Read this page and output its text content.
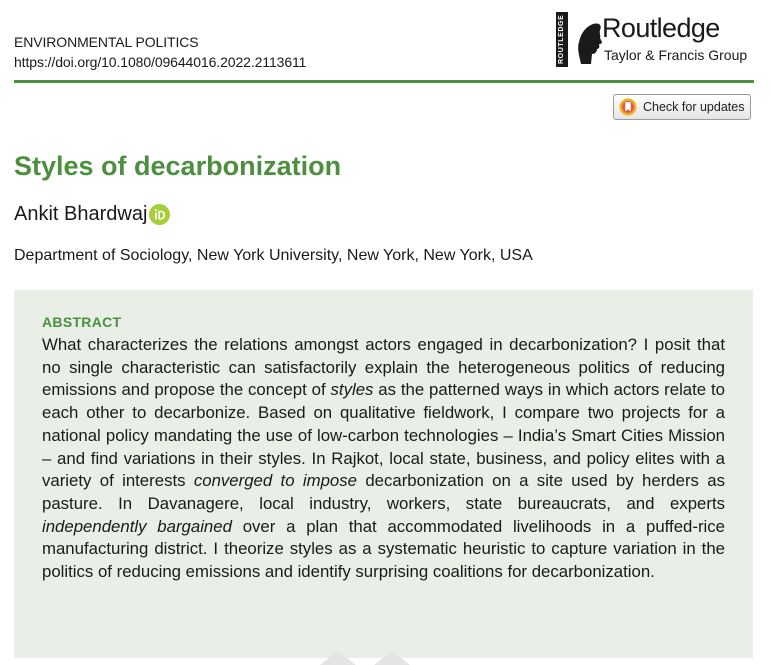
ENVIRONMENTAL POLITICS
https://doi.org/10.1080/09644016.2022.2113611	ROUTLEDGE Routledge
Taylor & Francis Group
Check for updates
Styles of decarbonization
Ankit Bhardwaj
Department of Sociology, New York University, New York, New York, USA
ABSTRACT

What characterizes the relations amongst actors engaged in decarbonization? I posit that no single characteristic can satisfactorily explain the heterogeneous politics of reducing emissions and propose the concept of styles as the patterned ways in which actors relate to each other to decarbonize. Based on qualitative fieldwork, I compare two projects for a national policy mandating the use of low-carbon technologies – India’s Smart Cities Mission – and find variations in their styles. In Rajkot, local state, business, and policy elites with a variety of interests converged to impose decarbonization on a site used by herders as pasture. In Davanagere, local industry, workers, state bureaucrats, and experts independently bargained over a plan that accommodated livelihoods in a puffed-rice manufacturing district. I theorize styles as a systematic heuristic to capture variation in the politics of reducing emissions and identify surprising coalitions for decarbonization.
